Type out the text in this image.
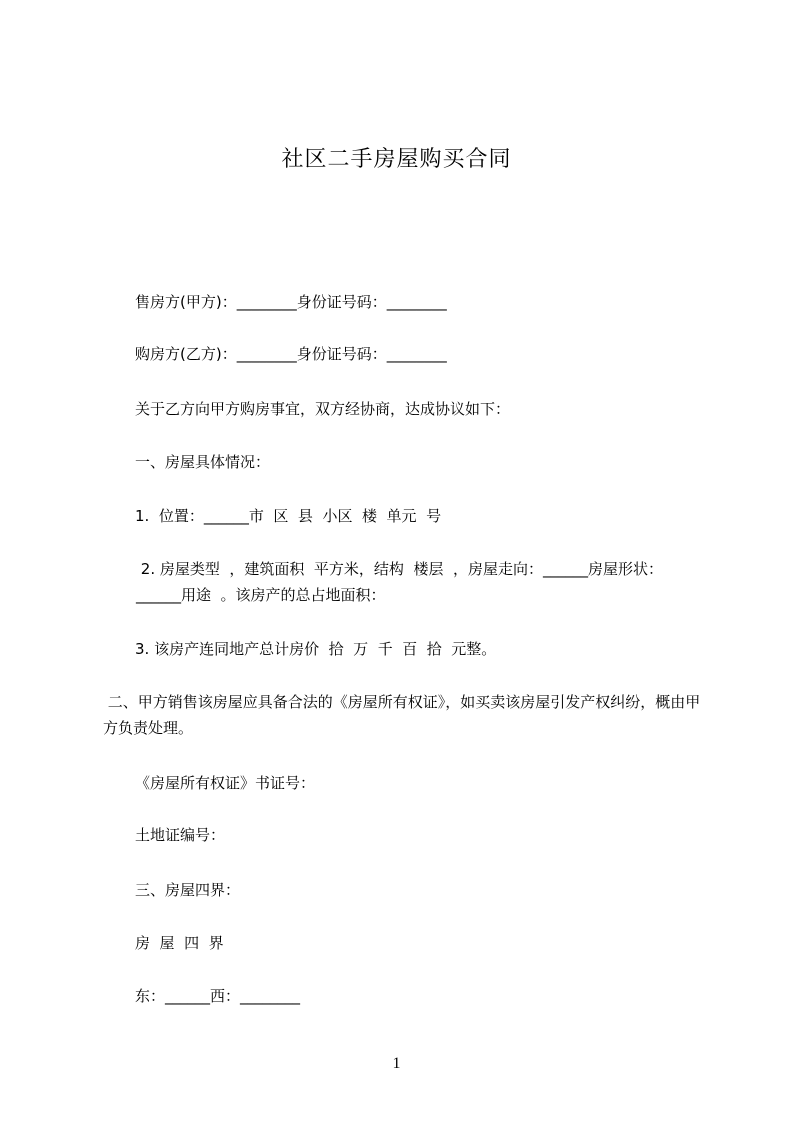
社区二手房屋购买合同
售房方(甲方)：________身份证号码：________
购房方(乙方)：________身份证号码：________
关于乙方向甲方购房事宜，双方经协商，达成协议如下：
一、房屋具体情况：
1.  位置：______市  区  县  小区  楼  单元  号
2. 房屋类型  ，建筑面积  平方米，结构  楼层  ，房屋走向：______房屋形状：______用途  。该房产的总占地面积：
3. 该房产连同地产总计房价  拾  万  千  百  拾  元整。
二、甲方销售该房屋应具备合法的《房屋所有权证》，如买卖该房屋引发产权纠纷，概由甲方负责处理。
《房屋所有权证》书证号：
土地证编号：
三、房屋四界：
房  屋  四  界
东：______西：________
1
